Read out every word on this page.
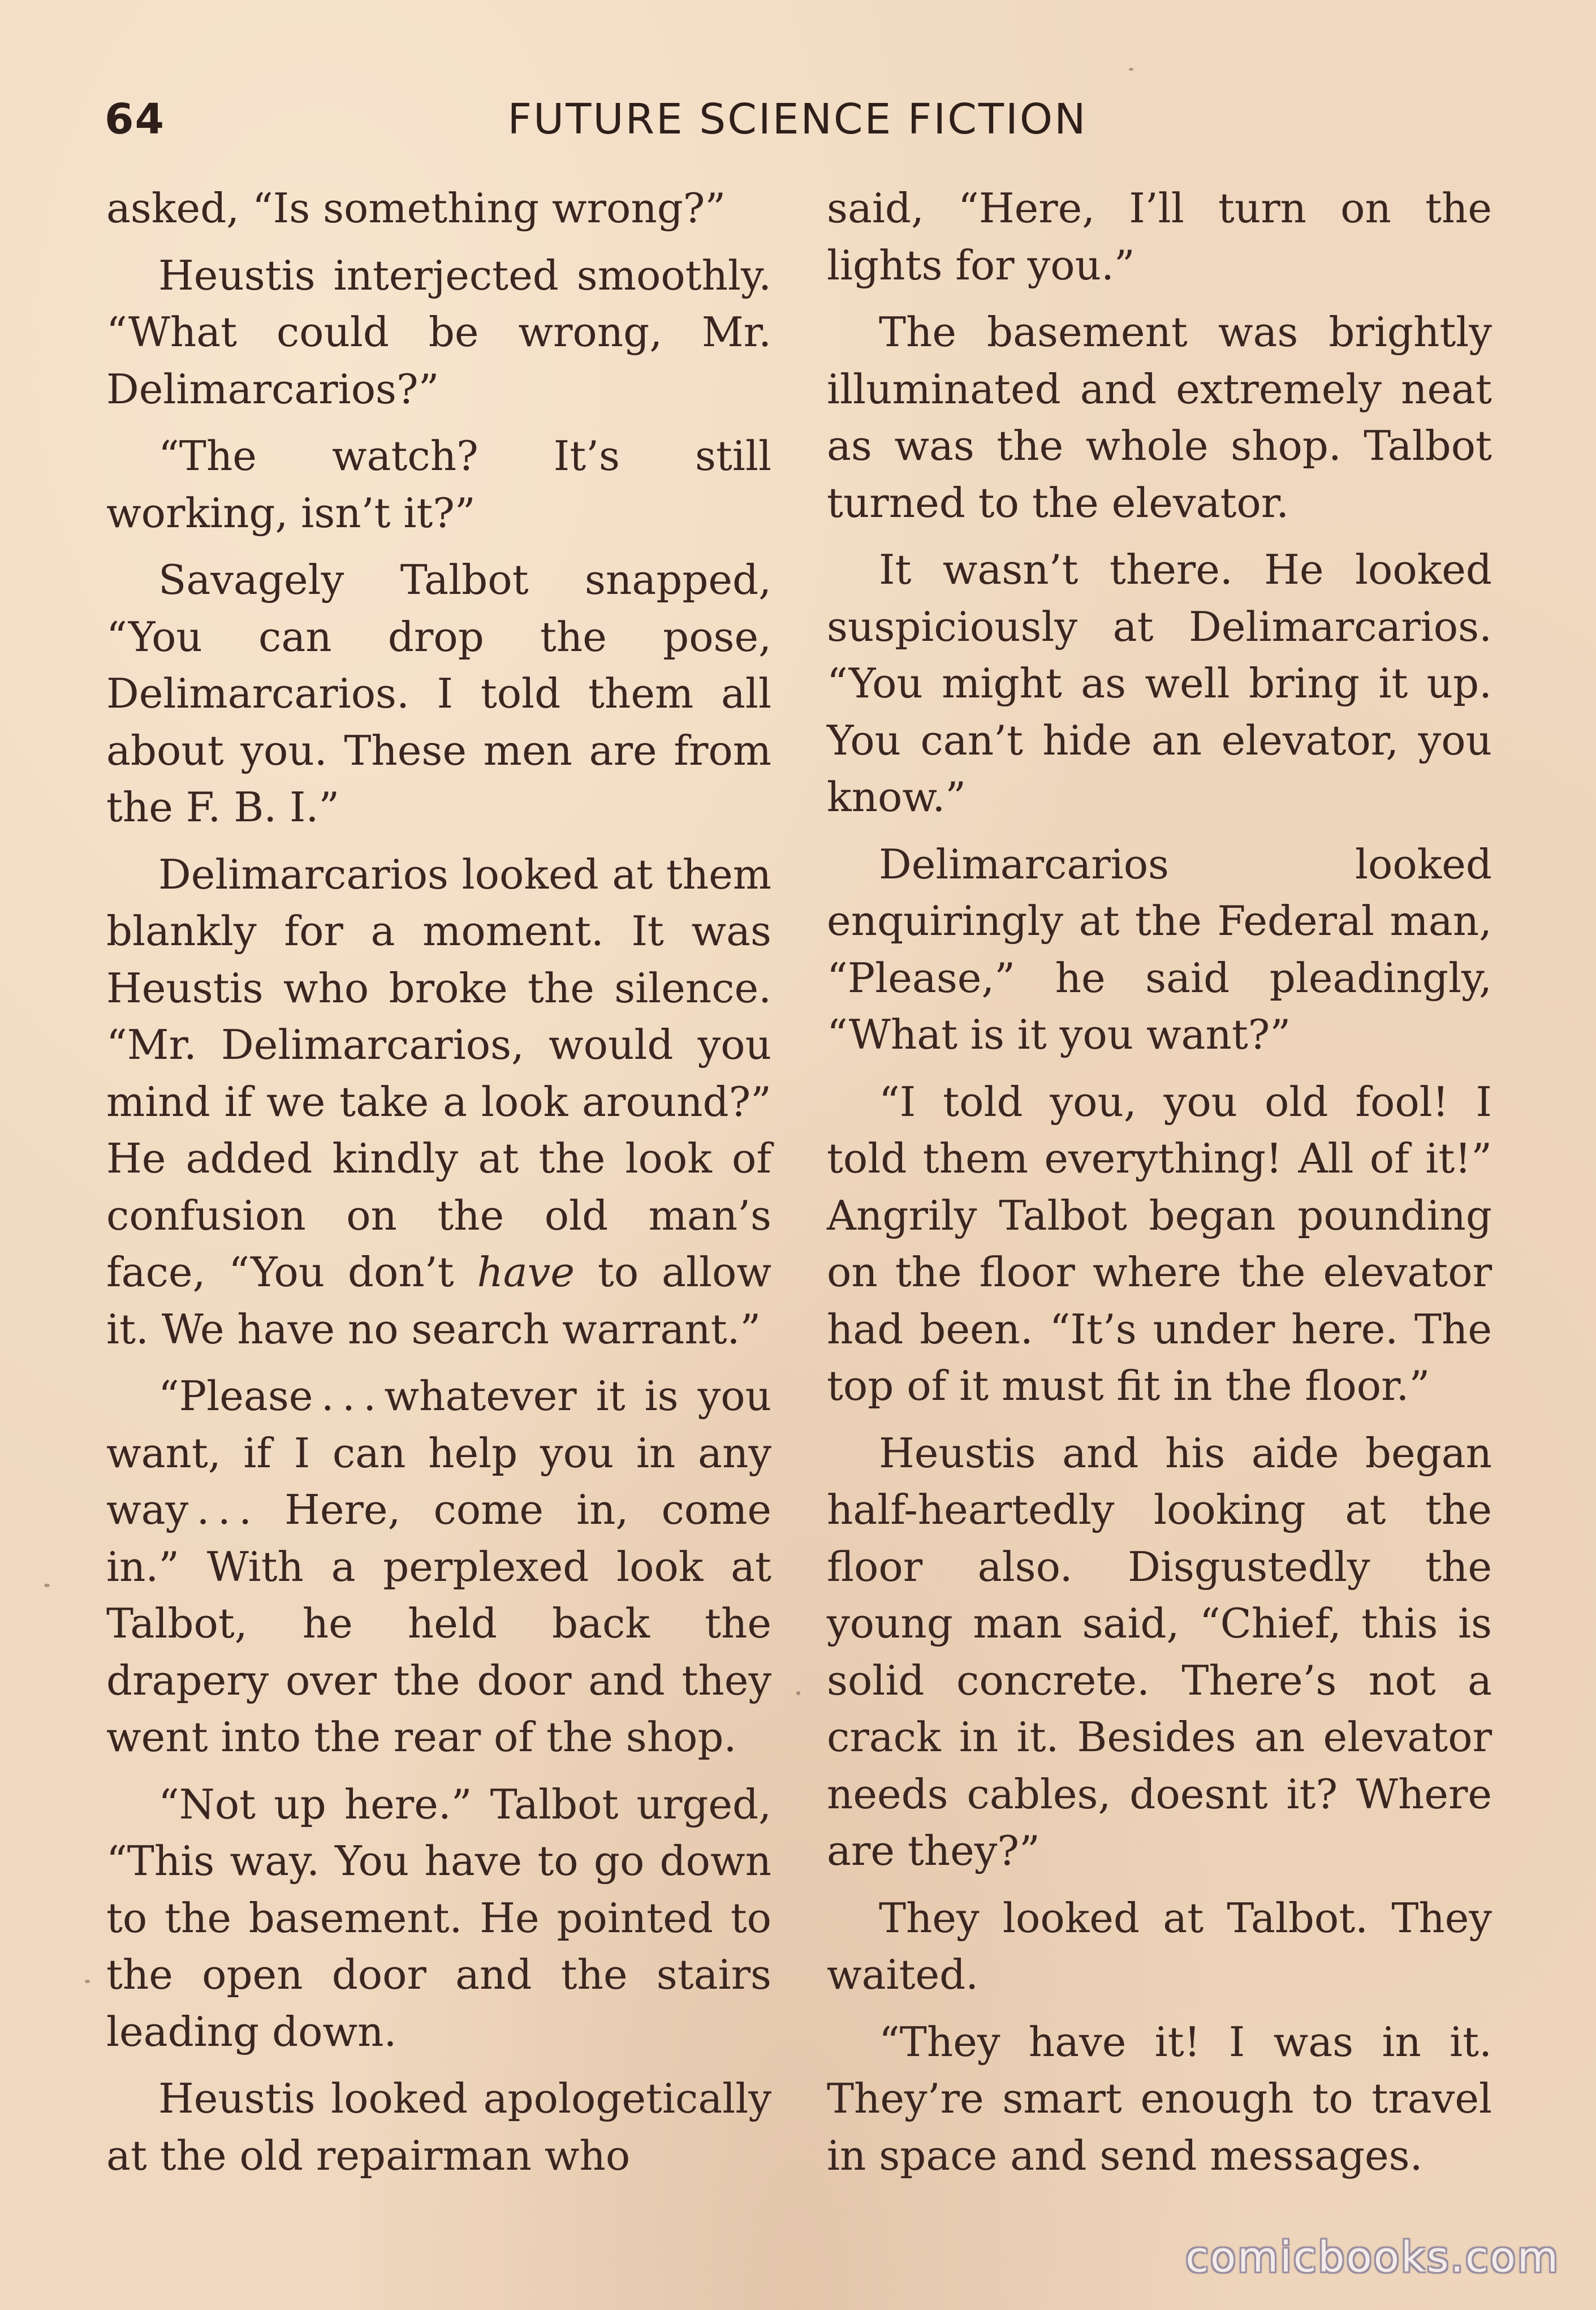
64	FUTURE SCIENCE FICTION

asked, “Is something wrong?”

Heustis interjected smoothly. “What could be wrong, Mr. Delimarcarios?”

“The watch? It’s still working, isn’t it?”

Savagely Talbot snapped, “You can drop the pose, Delimarcarios. I told them all about you. These men are from the F. B. I.”

Delimarcarios looked at them blankly for a moment. It was Heustis who broke the silence. “Mr. Delimarcarios, would you mind if we take a look around?” He added kindly at the look of confusion on the old man’s face, “You don’t have to allow it. We have no search warrant.”

“Please . . . whatever it is you want, if I can help you in any way . . . Here, come in, come in.” With a perplexed look at Talbot, he held back the drapery over the door and they went into the rear of the shop.

“Not up here.” Talbot urged, “This way. You have to go down to the basement. He pointed to the open door and the stairs leading down.

Heustis looked apologetically at the old repairman who

said, “Here, I’ll turn on the lights for you.”

The basement was brightly illuminated and extremely neat as was the whole shop. Talbot turned to the elevator.

It wasn’t there. He looked suspiciously at Delimarcarios. “You might as well bring it up. You can’t hide an elevator, you know.”

Delimarcarios looked enquiringly at the Federal man, “Please,” he said pleadingly, “What is it you want?”

“I told you, you old fool! I told them everything! All of it!” Angrily Talbot began pounding on the floor where the elevator had been. “It’s under here. The top of it must fit in the floor.”

Heustis and his aide began half-heartedly looking at the floor also. Disgustedly the young man said, “Chief, this is solid concrete. There’s not a crack in it. Besides an elevator needs cables, doesnt it? Where are they?”

They looked at Talbot. They waited.

“They have it! I was in it. They’re smart enough to travel in space and send messages.

comicbooks.com
